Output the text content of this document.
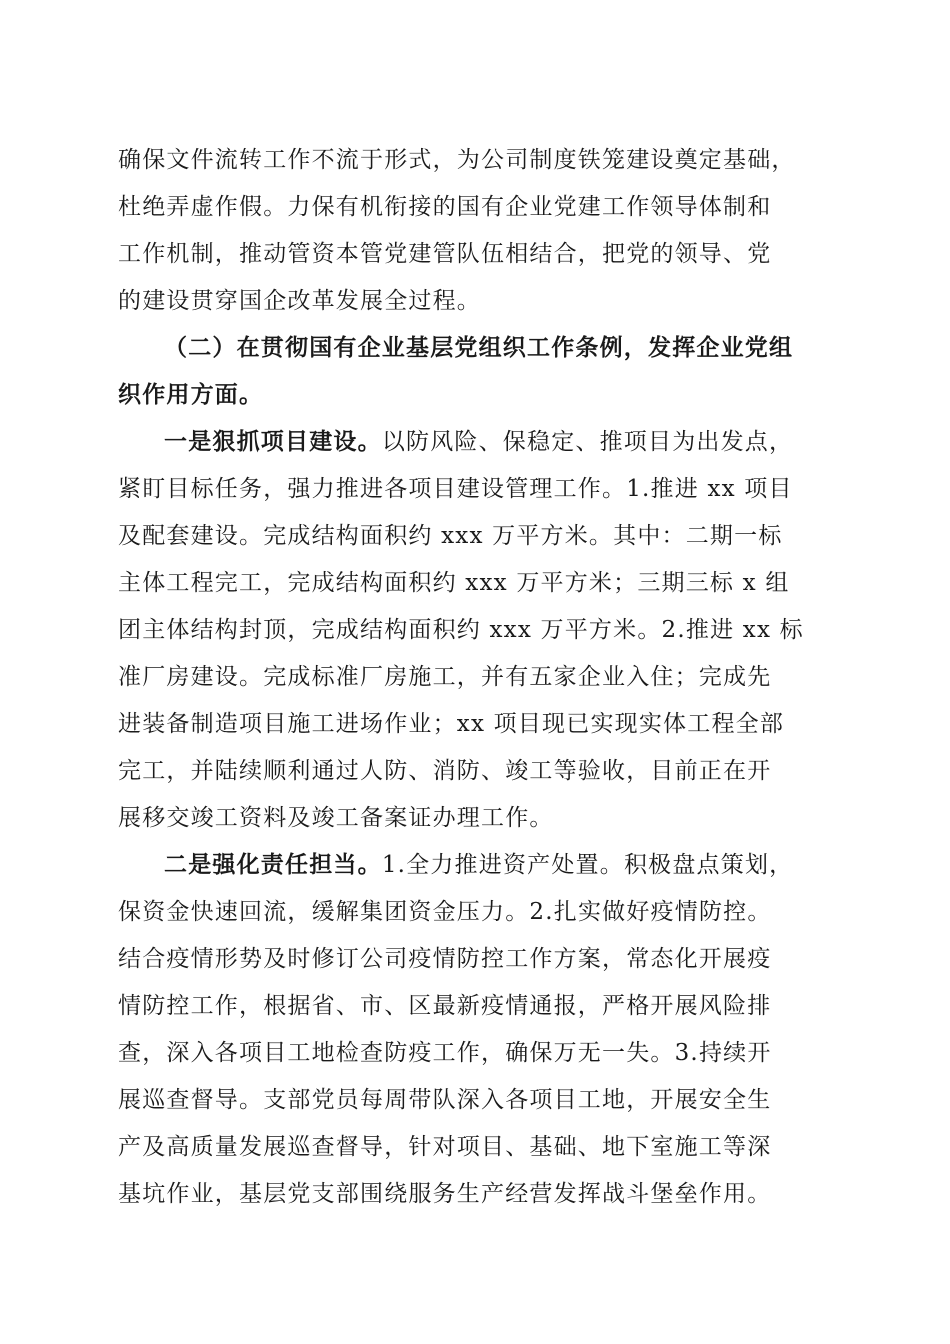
确保文件流转工作不流于形式，为公司制度铁笼建设奠定基础，
杜绝弄虚作假。力保有机衔接的国有企业党建工作领导体制和
工作机制，推动管资本管党建管队伍相结合，把党的领导、党
的建设贯穿国企改革发展全过程。
（二）在贯彻国有企业基层党组织工作条例，发挥企业党组
织作用方面。
一是狠抓项目建设。以防风险、保稳定、推项目为出发点，
紧盯目标任务，强力推进各项目建设管理工作。1.推进 xx 项目
及配套建设。完成结构面积约 xxx 万平方米。其中：二期一标
主体工程完工，完成结构面积约 xxx 万平方米；三期三标 x 组
团主体结构封顶，完成结构面积约 xxx 万平方米。2.推进 xx 标
准厂房建设。完成标准厂房施工，并有五家企业入住；完成先
进装备制造项目施工进场作业；xx 项目现已实现实体工程全部
完工，并陆续顺利通过人防、消防、竣工等验收，目前正在开
展移交竣工资料及竣工备案证办理工作。
二是强化责任担当。1.全力推进资产处置。积极盘点策划，
保资金快速回流，缓解集团资金压力。2.扎实做好疫情防控。
结合疫情形势及时修订公司疫情防控工作方案，常态化开展疫
情防控工作，根据省、市、区最新疫情通报，严格开展风险排
查，深入各项目工地检查防疫工作，确保万无一失。3.持续开
展巡查督导。支部党员每周带队深入各项目工地，开展安全生
产及高质量发展巡查督导，针对项目、基础、地下室施工等深
基坑作业，基层党支部围绕服务生产经营发挥战斗堡垒作用。
